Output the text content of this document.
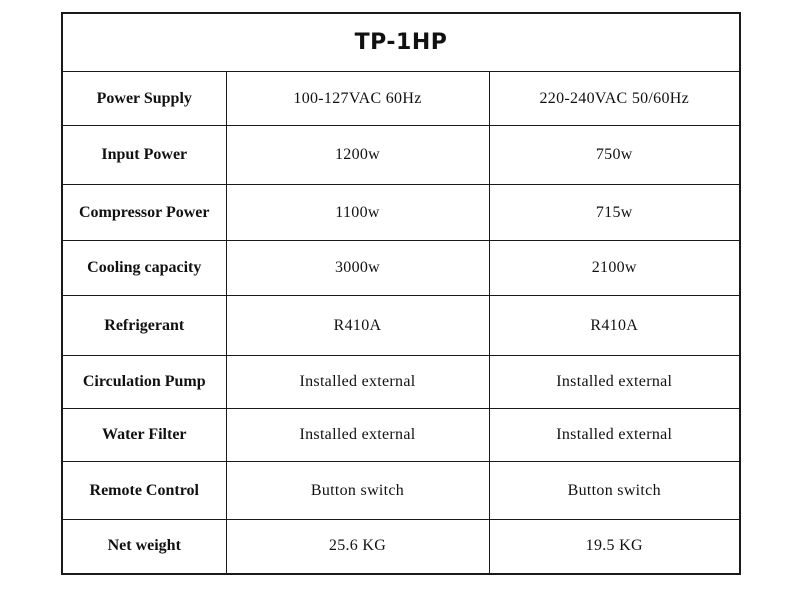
TP-1HP		
Power Supply	100-127VAC 60Hz	220-240VAC 50/60Hz
Input Power	1200w	750w
Compressor Power	1100w	715w
Cooling capacity	3000w	2100w
Refrigerant	R410A	R410A
Circulation Pump	Installed external	Installed external
Water Filter	Installed external	Installed external
Remote Control	Button switch	Button switch
Net weight	25.6 KG	19.5 KG
